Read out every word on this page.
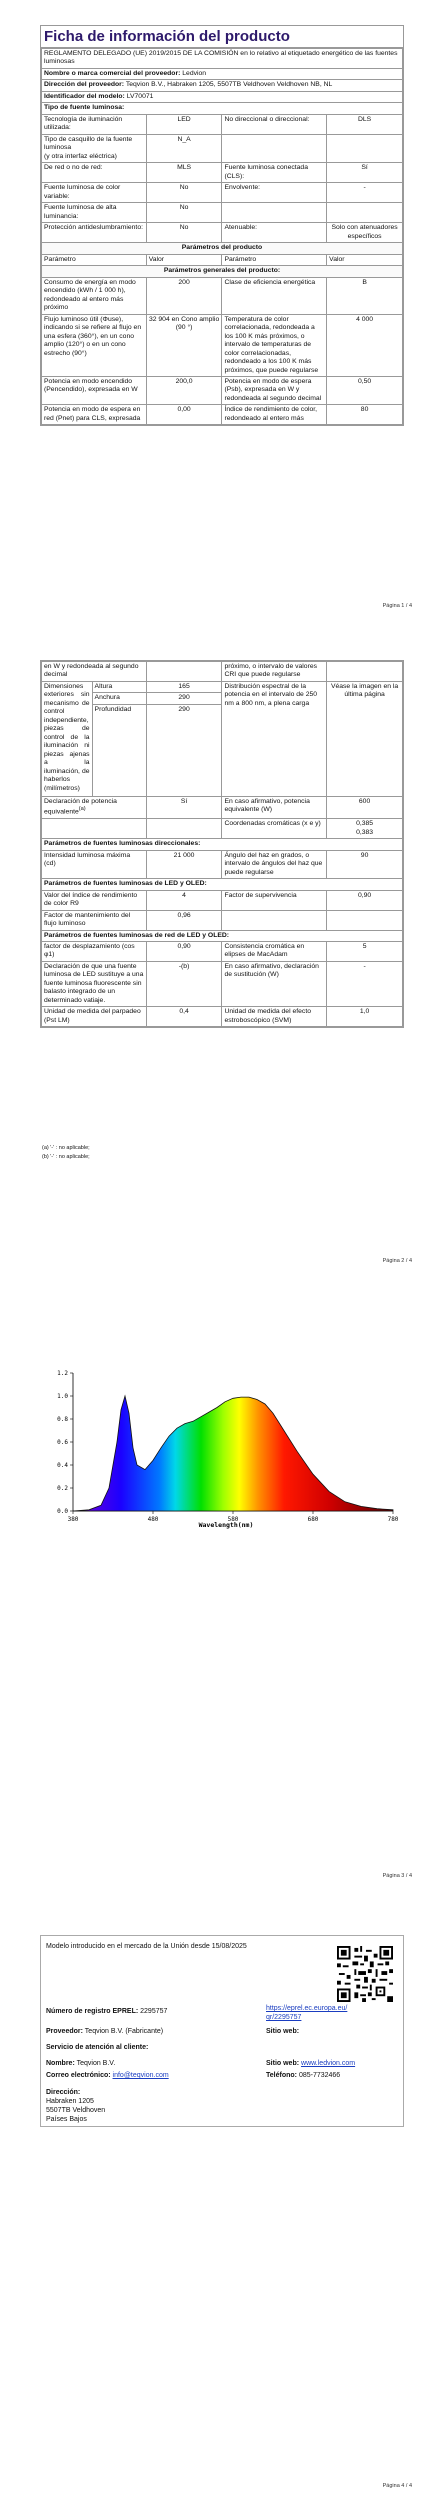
Ficha de información del producto
REGLAMENTO DELEGADO (UE) 2019/2015 DE LA COMISIÓN en lo relativo al etiquetado energético de las fuentes luminosas			
Nombre o marca comercial del proveedor: Ledvion			
Dirección del proveedor: Teqvion B.V., Habraken 1205, 5507TB Veldhoven Veldhoven NB, NL			
Identificador del modelo: LV70071			
Tipo de fuente luminosa:			
Tecnología de iluminación utilizada:	LED	No direccional o direccional:	DLS
Tipo de casquillo de la fuente luminosa
(y otra interfaz eléctrica)	N_A		
De red o no de red:	MLS	Fuente luminosa conectada (CLS):	Sí
Fuente luminosa de color variable:	No	Envolvente:	-
Fuente luminosa de alta luminancia:	No		
Protección antideslumbramiento:	No	Atenuable:	Solo con atenuadores específicos
Parámetros del producto			
Parámetro	Valor	Parámetro	Valor
Parámetros generales del producto:			
Consumo de energía en modo encendido (kWh / 1 000 h), redondeado al entero más próximo	200	Clase de eficiencia energética	B
Flujo luminoso útil (Φuse), indicando si se refiere al flujo en una esfera (360°), en un cono amplio (120°) o en un cono estrecho (90°)	32 904 en Cono amplio (90 °)	Temperatura de color correlacionada, redondeada a los 100 K más próximos, o intervalo de temperaturas de color correlacionadas, redondeado a los 100 K más próximos, que puede regularse	4 000
Potencia en modo encendido (Pencendido), expresada en W	200,0	Potencia en modo de espera (Psb), expresada en W y redondeada al segundo decimal	0,50
Potencia en modo de espera en red (Pnet) para CLS, expresada	0,00	Índice de rendimiento de color, redondeado al entero más	80
Página 1 / 4
en W y redondeada al segundo decimal			próximo, o intervalo de valores CRI que puede regularse	
Dimensiones exteriores sin mecanismo de control independiente, piezas de control de la iluminación ni piezas ajenas a la iluminación, de haberlos (milímetros)	Altura	165	Distribución espectral de la potencia en el intervalo de 250 nm a 800 nm, a plena carga	Véase la imagen en la última página
	Anchura	290		
	Profundidad	290		
Declaración de potencia equivalente$^{(a)}$		Sí	En caso afirmativo, potencia equivalente (W)	600
			Coordenadas cromáticas (x e y)	0,385
0,383

Parámetros de fuentes luminosas direccionales:				
Intensidad luminosa máxima (cd)		21 000	Ángulo del haz en grados, o intervalo de ángulos del haz que puede regularse	90
Parámetros de fuentes luminosas de LED y OLED:				
Valor del índice de rendimiento de color R9		4	Factor de supervivencia	0,90
Factor de mantenimiento del flujo luminoso		0,96		
Parámetros de fuentes luminosas de red de LED y OLED:				
factor de desplazamiento (cos φ1)		0,90	Consistencia cromática en elipses de MacAdam	5
Declaración de que una fuente luminosa de LED sustituye a una fuente luminosa fluorescente sin balasto integrado de un determinado vatiaje.		-(b)	En caso afirmativo, declaración de sustitución (W)	-
Unidad de medida del parpadeo (Pst LM)		0,4	Unidad de medida del efecto estroboscópico (SVM)	1,0
(a) '-' : no aplicable;
(b) '-' : no aplicable;
Página 2 / 4
0.0
0.2
0.4
0.6
0.8
1.0
1.2
380	480	580	680	780
Wavelength(nm)
Página 3 / 4
Modelo introducido en el mercado de la Unión desde 15/08/2025
Número de registro EPREL: 2295757	https://eprel.ec.europa.eu/qr/2295757
Proveedor: Teqvion B.V. (Fabricante)	Sitio web:
Servicio de atención al cliente:
Nombre: Teqvion B.V.	Sitio web: www.ledvion.com
Correo electrónico: info@teqvion.com	Teléfono: 085-7732466
Dirección:
Habraken 1205
5507TB Veldhoven
Países Bajos
Página 4 / 4
